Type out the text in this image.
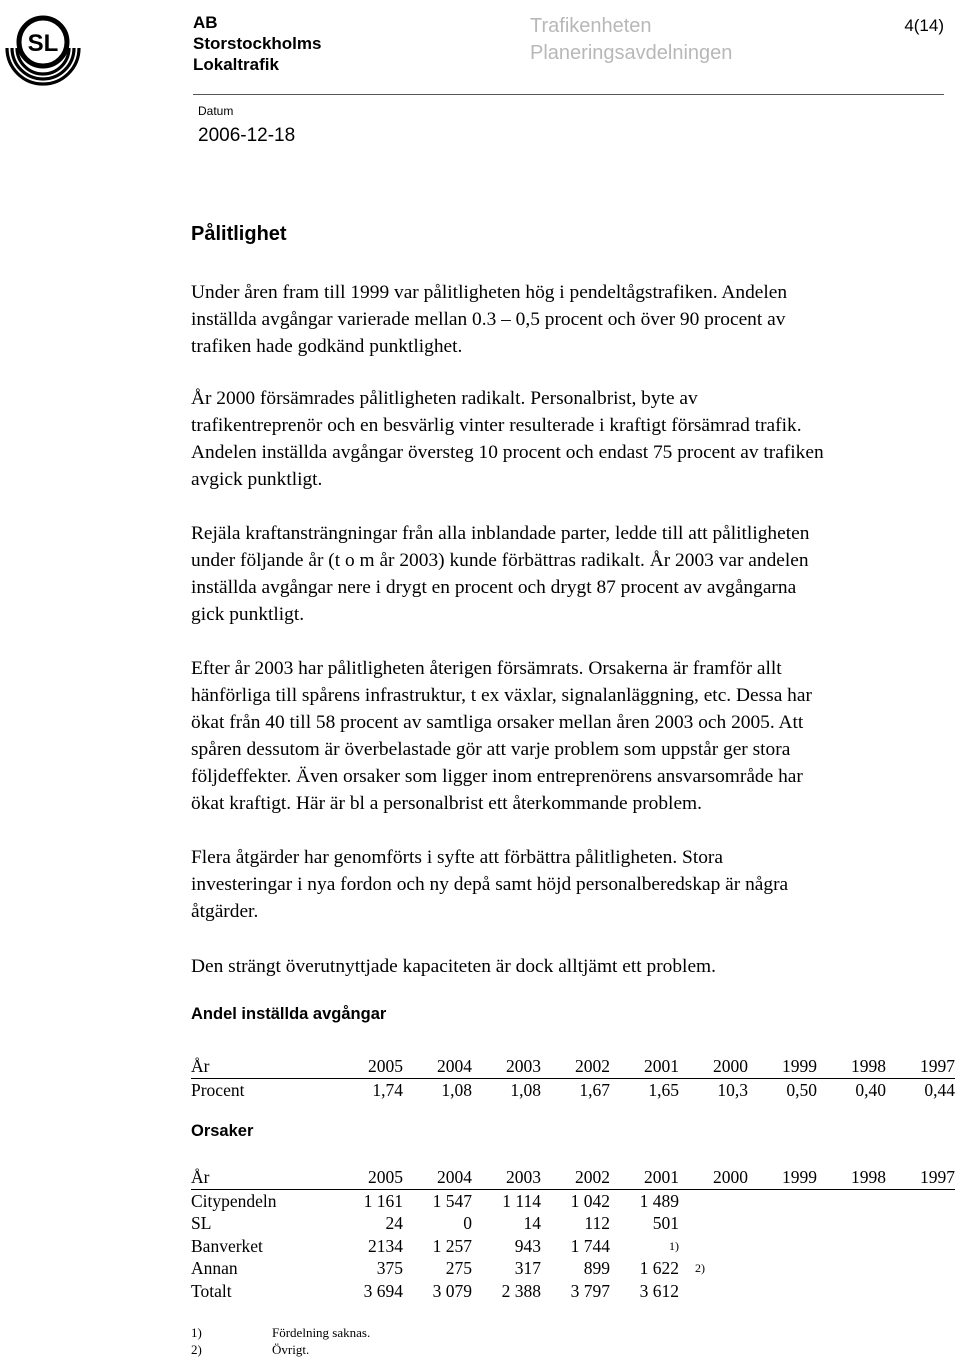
SL
AB
Storstockholms
Lokaltrafik
Trafikenheten
Planeringsavdelningen
4(14)
Datum
2006-12-18
Pålitlighet
Under åren fram till 1999 var pålitligheten hög i pendeltågstrafiken. Andelen
inställda avgångar varierade mellan 0.3 – 0,5 procent och över 90 procent av
trafiken hade godkänd punktlighet.
År 2000 försämrades pålitligheten radikalt. Personalbrist, byte av
trafikentreprenör och en besvärlig vinter resulterade i kraftigt försämrad trafik.
Andelen inställda avgångar översteg 10 procent och endast 75 procent av trafiken
avgick punktligt.
Rejäla kraftansträngningar från alla inblandade parter, ledde till att pålitligheten
under följande år (t o m år 2003) kunde förbättras radikalt. År 2003 var andelen
inställda avgångar nere i drygt en procent och drygt 87 procent av avgångarna
gick punktligt.
Efter år 2003 har pålitligheten återigen försämrats. Orsakerna är framför allt
hänförliga till spårens infrastruktur, t ex växlar, signalanläggning, etc. Dessa har
ökat från 40 till 58 procent av samtliga orsaker mellan åren 2003 och 2005. Att
spåren dessutom är överbelastade gör att varje problem som uppstår ger stora
följdeffekter. Även orsaker som ligger inom entreprenörens ansvarsområde har
ökat kraftigt. Här är bl a personalbrist ett återkommande problem.
Flera åtgärder har genomförts i syfte att förbättra pålitligheten. Stora
investeringar i nya fordon och ny depå samt höjd personalberedskap är några
åtgärder.
Den strängt överutnyttjade kapaciteten är dock alltjämt ett problem.
Andel inställda avgångar
År	2005	2004	2003	2002	2001	2000	1999	1998	1997
Procent	1,74	1,08	1,08	1,67	1,65	10,3	0,50	0,40	0,44
Orsaker
År	2005	2004	2003	2002	2001	2000	1999	1998	1997
Citypendeln	1 161	1 547	1 114	1 042	1 489				
SL	24	0	14	112	501				
Banverket	2134	1 257	943	1 744	1)				
Annan	375	275	317	899	1 622	2)			
Totalt	3 694	3 079	2 388	3 797	3 612				
1)	Fördelning saknas.
2)	Övrigt.
